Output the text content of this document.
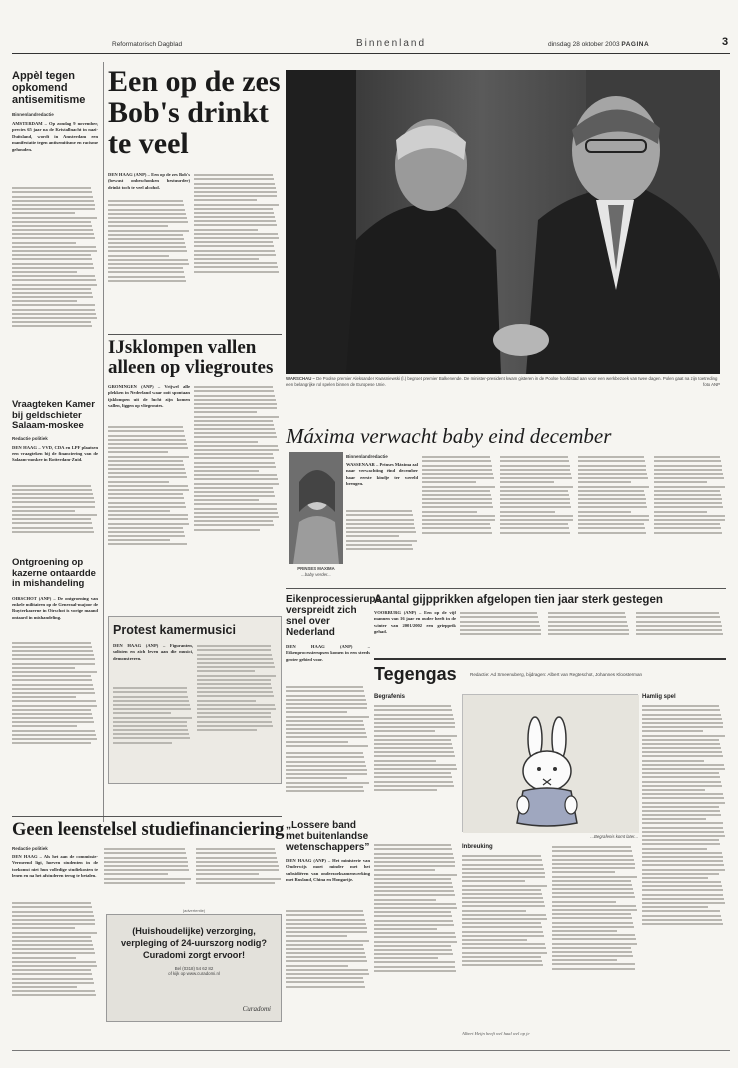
Reformatorisch Dagblad	Binnenland	dinsdag 28 oktober 2003 PAGINA	3
Appèl tegen opkomend antisemitisme
Binnenlandredactie
AMSTERDAM – Op zondag 9 november, precies 65 jaar na de Kristallnacht in nazi-Duitsland, wordt in Amsterdam een manifestatie tegen antisemitisme en racisme gehouden.
Vraagteken Kamer bij geldschieter Salaam-moskee
Redactie politiek
DEN HAAG – VVD, CDA en LPF plaatsen een vraagteken bij de financiering van de Salaam-moskee in Rotterdam-Zuid.
Ontgroening op kazerne ontaardde in mishandeling
OIRSCHOT (ANP) – De ontgroening van enkele militairen op de Generaal-majoor de Ruyterkazerne in Oirschot is vorige maand ontaard in mishandeling.
Een op de zes Bob's drinkt te veel
DEN HAAG (ANP) – Een op de zes Bob's (bewust onbeschonken bestuurder) drinkt toch te veel alcohol.
WARSCHAU – De Poolse premier Aleksander Kwasniewski (l.) begroet premier Balkenende. De minister-president kwam gisteren in de Poolse hoofdstad aan voor een werkbezoek van twee dagen. Polen gaat na zijn toetreding een belangrijke rol spelen binnen de Europese Unie.	foto ANP
IJsklompen vallen alleen op vliegroutes
GRONINGEN (ANP) – Vrijwel alle plekken in Nederland waar ooit spontaan ijsklompen uit de lucht zijn komen vallen, liggen op vliegroutes.
Máxima verwacht baby eind december
PRINSES MAXIMA
...baby verder...
Binnenlandredactie
WASSENAAR – Prinses Máxima zal naar verwachting éind december haar eerste kindje ter wereld brengen.
Protest kamermusici
DEN HAAG (ANP) – Figuranten, solisten en zich leven aan die musici, demonstreren.
Eikenprocessierups verspreidt zich snel over Nederland
DEN HAAG (ANP) – Eikenprocessierupsen komen in een steeds groter gebied voor.
„Lossere band met buitenlandse wetenschappers”
DEN HAAG (ANP) – Het ministerie van Onderwijs moet minder met het subsidiëren van onderzoeksamenwerking met Rusland, China en Hongarije.
Aantal gijpprikken afgelopen tien jaar sterk gestegen
VOORBURG (ANP) – Een op de vijf mannen van 16 jaar en ouder heeft in de winter van 2001/2002 een griepprik gehad.
Tegengas	Redactie: Ad Smeenuberg, bijdragen: Albert van Regteschot, Johannes Kloosterman
Begrafenis
...Begrafenis komt later...
Hamlig spel
Inbreuking
Albert Heijn heeft wel haal wel op je
Geen leenstelsel studiefinanciering
Redactie politiek
DEN HAAG – Als het aan de commissie-Vermeend ligt, hoeven studenten in de toekomst niet hun volledige studiekosten te lenen en na het afstuderen terug te betalen.
(advertentie)
(Huishoudelijke) verzorging,
verpleging of 24-uurszorg nodig?
Curadomi zorgt ervoor!
Bel (0318) 54 62 82
of kijk op www.curadomi.nl
Curadomi
